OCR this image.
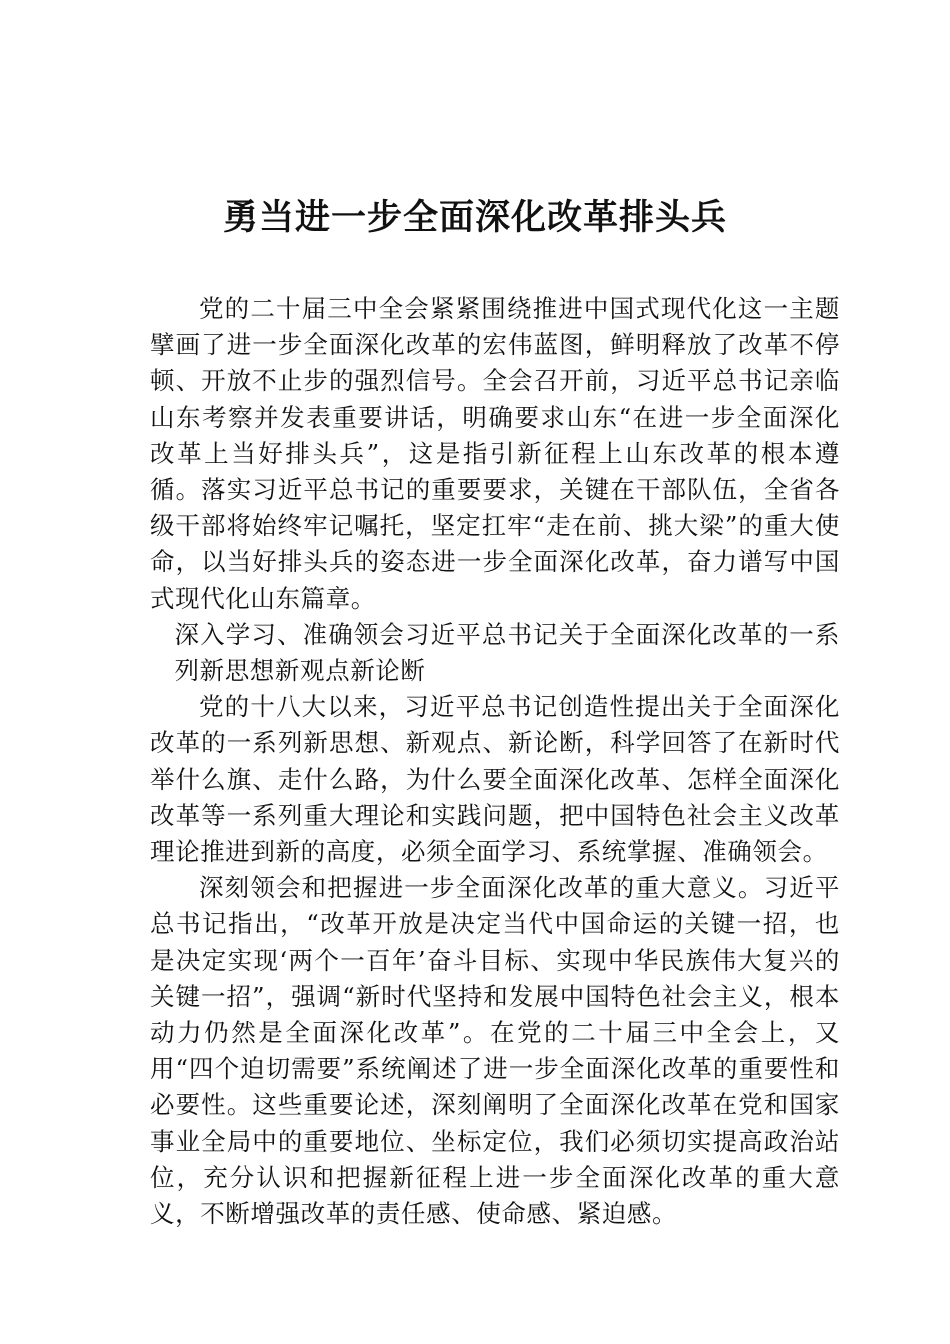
勇当进一步全面深化改革排头兵

党的二十届三中全会紧紧围绕推进中国式现代化这一主题擘画了进一步全面深化改革的宏伟蓝图，鲜明释放了改革不停顿、开放不止步的强烈信号。全会召开前，习近平总书记亲临山东考察并发表重要讲话，明确要求山东“在进一步全面深化改革上当好排头兵”，这是指引新征程上山东改革的根本遵循。落实习近平总书记的重要要求，关键在干部队伍，全省各级干部将始终牢记嘱托，坚定扛牢“走在前、挑大梁”的重大使命，以当好排头兵的姿态进一步全面深化改革，奋力谱写中国式现代化山东篇章。

深入学习、准确领会习近平总书记关于全面深化改革的一系列新思想新观点新论断

党的十八大以来，习近平总书记创造性提出关于全面深化改革的一系列新思想、新观点、新论断，科学回答了在新时代举什么旗、走什么路，为什么要全面深化改革、怎样全面深化改革等一系列重大理论和实践问题，把中国特色社会主义改革理论推进到新的高度，必须全面学习、系统掌握、准确领会。

深刻领会和把握进一步全面深化改革的重大意义。习近平总书记指出，“改革开放是决定当代中国命运的关键一招，也是决定实现‘两个一百年’奋斗目标、实现中华民族伟大复兴的关键一招”，强调“新时代坚持和发展中国特色社会主义，根本动力仍然是全面深化改革”。在党的二十届三中全会上，又用“四个迫切需要”系统阐述了进一步全面深化改革的重要性和必要性。这些重要论述，深刻阐明了全面深化改革在党和国家事业全局中的重要地位、坐标定位，我们必须切实提高政治站位，充分认识和把握新征程上进一步全面深化改革的重大意义，不断增强改革的责任感、使命感、紧迫感。
